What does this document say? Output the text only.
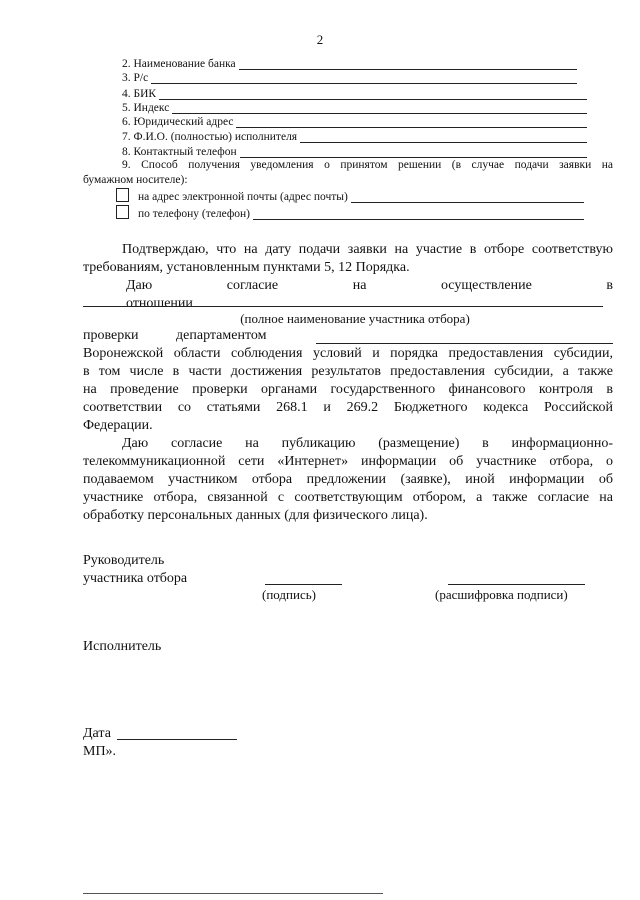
2
2. Наименование банка
3. Р/с
4. БИК
5. Индекс
6. Юридический адрес
7. Ф.И.О. (полностью) исполнителя
8. Контактный телефон
9. Способ получения уведомления о принятом решении (в случае подачи заявки на
бумажном носителе):
на адрес электронной почты (адрес почты)
по телефону (телефон)
Подтверждаю, что на дату подачи заявки на участие в отборе соответствую
требованиям, установленным пунктами 5, 12 Порядка.
Даю согласие на осуществление в отношении
(полное наименование участника отбора)
проверки департаментом
Воронежской области соблюдения условий и порядка предоставления субсидии,
в том числе в части достижения результатов предоставления субсидии, а также
на проведение проверки органами государственного финансового контроля в
соответствии со статьями 268.1 и 269.2 Бюджетного кодекса Российской
Федерации.
Даю согласие на публикацию (размещение) в информационно-
телекоммуникационной сети «Интернет» информации об участнике отбора, о
подаваемом участником отбора предложении (заявке), иной информации об
участнике отбора, связанной с соответствующим отбором, а также согласие на
обработку персональных данных (для физического лица).
Руководитель
участника отбора
(подпись)	(расшифровка подписи)
Исполнитель
Дата
МП».
